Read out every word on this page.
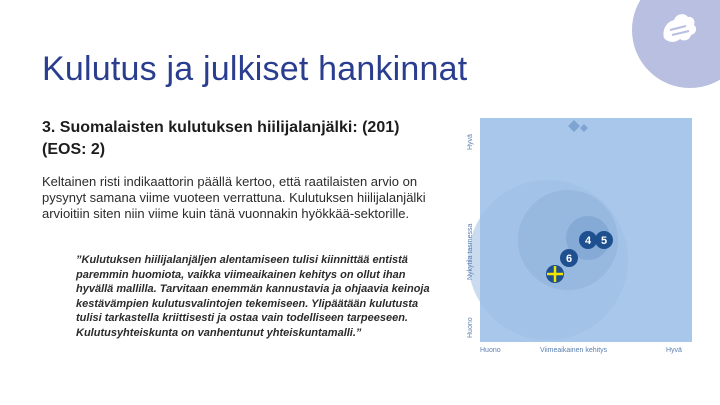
Kulutus ja julkiset hankinnat

3. Suomalaisten kulutuksen hiilijalanjälki: (201) (EOS: 2)

Keltainen risti indikaattorin päällä kertoo, että raatilaisten arvio on pysynyt samana viime vuoteen verrattuna. Kulutuksen hiilijalanjälki arvioitiin siten niin viime kuin tänä vuonnakin hyökkää-sektorille.

”Kulutuksen hiilijalanjäljen alentamiseen tulisi kiinnittää entistä paremmin huomiota, vaikka viimeaikainen kehitys on ollut ihan hyvällä mallilla. Tarvitaan enemmän kannustavia ja ohjaavia keinoja kestävämpien kulutusvalintojen tekemiseen. Ylipäätään kulutusta tulisi tarkastella kriittisesti ja ostaa vain todelliseen tarpeeseen. Kulutusyhteiskunta on vanhentunut yhteiskuntamalli.”

Hyvä
Nykytila tasmessa
Huono
Huono	Viimeaikainen kehitys	Hyvä
4 5
6
